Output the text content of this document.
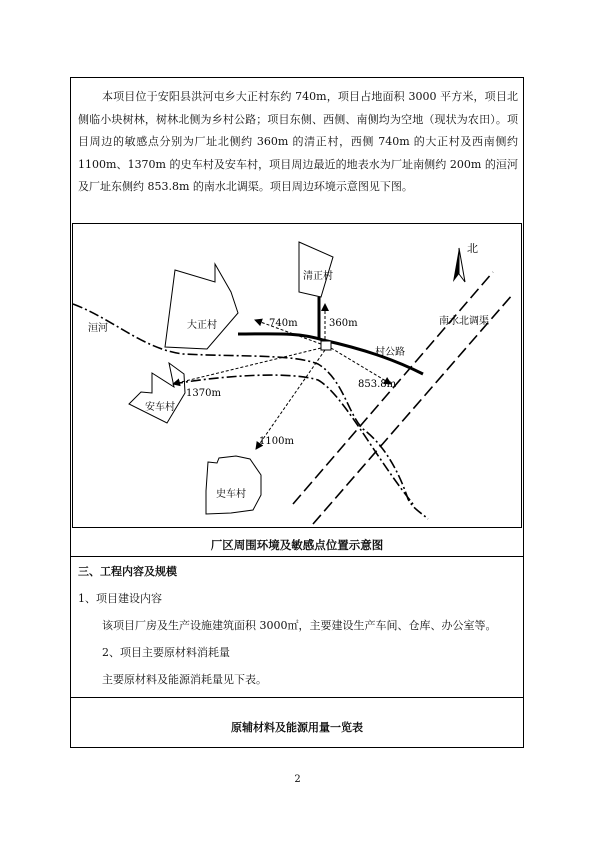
本项目位于安阳县洪河屯乡大正村东约 740m，项目占地面积 3000 平方米，项目北侧临小块树林，树林北侧为乡村公路；项目东侧、西侧、南侧均为空地（现状为农田）。项目周边的敏感点分别为厂址北侧约 360m 的清正村，西侧 740m 的大正村及西南侧约 1100m、1370m 的史车村及安车村，项目周边最近的地表水为厂址南侧约 200m 的洹河及厂址东侧约 853.8m 的南水北调渠。项目周边环境示意图见下图。
北
清正村
大正村
安车村
史车村
洹河
南水北调渠
村公路
360m
740m
853.8m
1370m
1100m
厂区周围环境及敏感点位置示意图
三、工程内容及规模
1、项目建设内容
该项目厂房及生产设施建筑面积 3000㎡，主要建设生产车间、仓库、办公室等。
2、项目主要原材料消耗量
主要原材料及能源消耗量见下表。
原辅材料及能源用量一览表
2
